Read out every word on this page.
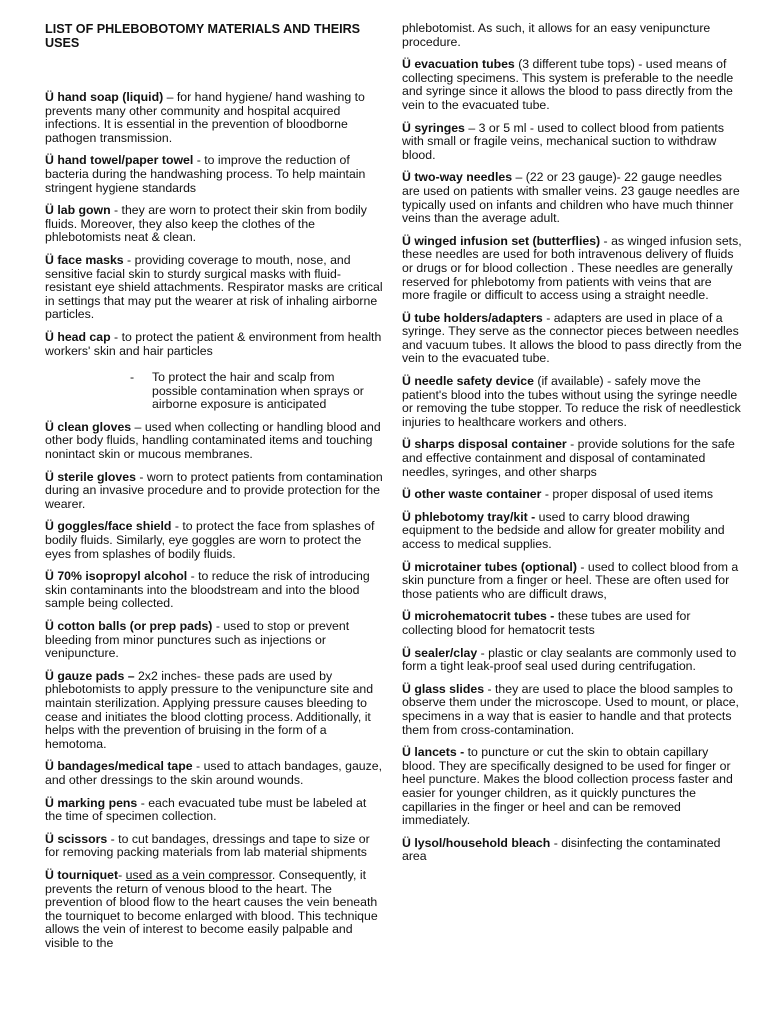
LIST OF PHLEBOBOTOMY MATERIALS AND THEIRS USES

Ü hand soap (liquid) – for hand hygiene/ hand washing to prevents many other community and hospital acquired infections. It is essential in the prevention of bloodborne pathogen transmission.

Ü hand towel/paper towel - to improve the reduction of bacteria during the handwashing process. To help maintain stringent hygiene standards

Ü lab gown - they are worn to protect their skin from bodily fluids. Moreover, they also keep the clothes of the phlebotomists neat & clean.

Ü face masks - providing coverage to mouth, nose, and sensitive facial skin to sturdy surgical masks with fluid-resistant eye shield attachments. Respirator masks are critical in settings that may put the wearer at risk of inhaling airborne particles.

Ü head cap - to protect the patient & environment from health workers' skin and hair particles

-	To protect the hair and scalp from possible contamination when sprays or airborne exposure is anticipated

Ü clean gloves – used when collecting or handling blood and other body fluids, handling contaminated items and touching nonintact skin or mucous membranes.

Ü sterile gloves - worn to protect patients from contamination during an invasive procedure and to provide protection for the wearer.

Ü goggles/face shield - to protect the face from splashes of bodily fluids. Similarly, eye goggles are worn to protect the eyes from splashes of bodily fluids.

Ü 70% isopropyl alcohol - to reduce the risk of introducing skin contaminants into the bloodstream and into the blood sample being collected.

Ü cotton balls (or prep pads) - used to stop or prevent bleeding from minor punctures such as injections or venipuncture.

Ü gauze pads – 2x2 inches- these pads are used by phlebotomists to apply pressure to the venipuncture site and maintain sterilization. Applying pressure causes bleeding to cease and initiates the blood clotting process. Additionally, it helps with the prevention of bruising in the form of a hemotoma.

Ü bandages/medical tape - used to attach bandages, gauze, and other dressings to the skin around wounds.

Ü marking pens - each evacuated tube must be labeled at the time of specimen collection.

Ü scissors - to cut bandages, dressings and tape to size or for removing packing materials from lab material shipments

Ü tourniquet- used as a vein compressor. Consequently, it prevents the return of venous blood to the heart. The prevention of blood flow to the heart causes the vein beneath the tourniquet to become enlarged with blood. This technique allows the vein of interest to become easily palpable and visible to the

phlebotomist. As such, it allows for an easy venipuncture procedure.

Ü evacuation tubes (3 different tube tops) - used means of collecting specimens. This system is preferable to the needle and syringe since it allows the blood to pass directly from the vein to the evacuated tube.

Ü syringes – 3 or 5 ml - used to collect blood from patients with small or fragile veins, mechanical suction to withdraw blood.

Ü two-way needles – (22 or 23 gauge)- 22 gauge needles are used on patients with smaller veins. 23 gauge needles are typically used on infants and children who have much thinner veins than the average adult.

Ü winged infusion set (butterflies) - as winged infusion sets, these needles are used for both intravenous delivery of fluids or drugs or for blood collection . These needles are generally reserved for phlebotomy from patients with veins that are more fragile or difficult to access using a straight needle.

Ü tube holders/adapters - adapters are used in place of a syringe. They serve as the connector pieces between needles and vacuum tubes. It allows the blood to pass directly from the vein to the evacuated tube.

Ü needle safety device (if available) - safely move the patient's blood into the tubes without using the syringe needle or removing the tube stopper. To reduce the risk of needlestick injuries to healthcare workers and others.

Ü sharps disposal container - provide solutions for the safe and effective containment and disposal of contaminated needles, syringes, and other sharps

Ü other waste container - proper disposal of used items

Ü phlebotomy tray/kit - used to carry blood drawing equipment to the bedside and allow for greater mobility and access to medical supplies.

Ü microtainer tubes (optional) - used to collect blood from a skin puncture from a finger or heel. These are often used for those patients who are difficult draws,

Ü microhematocrit tubes - these tubes are used for collecting blood for hematocrit tests

Ü sealer/clay - plastic or clay sealants are commonly used to form a tight leak-proof seal used during centrifugation.

Ü glass slides - they are used to place the blood samples to observe them under the microscope. Used to mount, or place, specimens in a way that is easier to handle and that protects them from cross-contamination.

Ü lancets - to puncture or cut the skin to obtain capillary blood. They are specifically designed to be used for finger or heel puncture. Makes the blood collection process faster and easier for younger children, as it quickly punctures the capillaries in the finger or heel and can be removed immediately.

Ü lysol/household bleach - disinfecting the contaminated area
